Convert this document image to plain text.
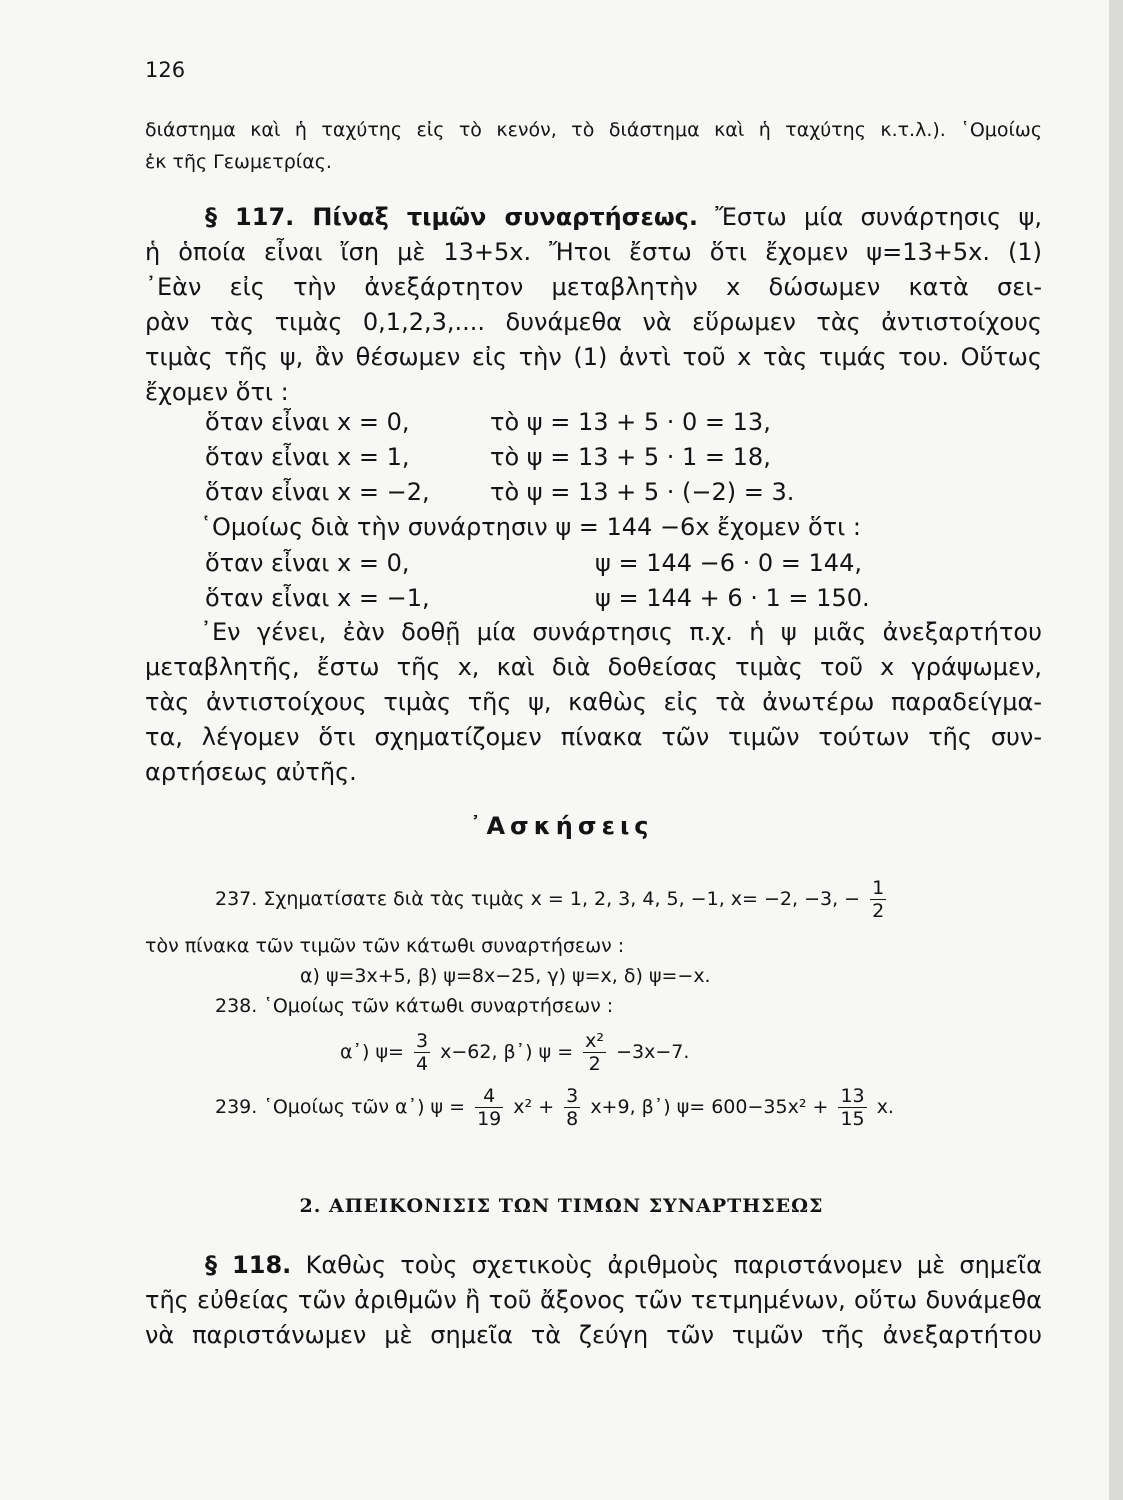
126
διάστημα καὶ ἡ ταχύτης εἰς τὸ κενόν, τὸ διάστημα καὶ ἡ ταχύτης κ.τ.λ.). ῾Ομοίως
ἐκ τῆς Γεωμετρίας.
§ 117. Πίναξ τιμῶν συναρτήσεως. Ἔστω μία συνάρτησις ψ,
ἡ ὁποία εἶναι ἴση μὲ 13+5x. Ἤτοι ἔστω ὅτι ἔχομεν ψ=13+5x. (1)
᾿Εὰν εἰς τὴν ἀνεξάρτητον μεταβλητὴν x δώσωμεν κατὰ σει-
ρὰν τὰς τιμὰς 0,1,2,3,.... δυνάμεθα νὰ εὕρωμεν τὰς ἀντιστοίχους
τιμὰς τῆς ψ, ἂν θέσωμεν εἰς τὴν (1) ἀντὶ τοῦ x τὰς τιμάς του. Οὕτως
ἔχομεν ὅτι :
ὅταν εἶναι x = 0,	τὸ ψ = 13 + 5 · 0 = 13,
ὅταν εἶναι x = 1,	τὸ ψ = 13 + 5 · 1 = 18,
ὅταν εἶναι x = −2,	τὸ ψ = 13 + 5 · (−2) = 3.
῾Ομοίως διὰ τὴν συνάρτησιν ψ = 144 −6x ἔχομεν ὅτι :
ὅταν εἶναι x = 0,	ψ = 144 −6 · 0 = 144,
ὅταν εἶναι x = −1,	ψ = 144 + 6 · 1 = 150.
᾿Εν γένει, ἐὰν δοθῇ μία συνάρτησις π.χ. ἡ ψ μιᾶς ἀνεξαρτήτου
μεταβλητῆς, ἔστω τῆς x, καὶ διὰ δοθείσας τιμὰς τοῦ x γράψωμεν,
τὰς ἀντιστοίχους τιμὰς τῆς ψ, καθὼς εἰς τὰ ἀνωτέρω παραδείγμα-
τα, λέγομεν ὅτι σχηματίζομεν πίνακα τῶν τιμῶν τούτων τῆς συν-
αρτήσεως αὐτῆς.
᾿Ασκήσεις
237. Σχηματίσατε διὰ τὰς τιμὰς x = 1, 2, 3, 4, 5, −1, x= −2, −3, − $\frac{1}{2}$
τὸν πίνακα τῶν τιμῶν τῶν κάτωθι συναρτήσεων :
α) ψ=3x+5, β) ψ=8x−25, γ) ψ=x, δ) ψ=−x.
238. ῾Ομοίως τῶν κάτωθι συναρτήσεων :
α᾿) $\psi= \frac{3}{4} x-62$, β᾿) $\psi = \frac{\text{x²}}{2} -3x-7$.
239. ῾Ομοίως τῶν α᾿) $\psi = \frac{4}{19} x^2 + \frac{3}{8} x+9$, β᾿) $\psi= 600-35x^2 + \frac{13}{15} x$.
2. ΑΠΕΙΚΟΝΙΣΙΣ ΤΩΝ ΤΙΜΩΝ ΣΥΝΑΡΤΗΣΕΩΣ
§ 118. Καθὼς τοὺς σχετικοὺς ἀριθμοὺς παριστάνομεν μὲ σημεῖα
τῆς εὐθείας τῶν ἀριθμῶν ἢ τοῦ ἄξονος τῶν τετμημένων, οὕτω δυνάμεθα
νὰ παριστάνωμεν μὲ σημεῖα τὰ ζεύγη τῶν τιμῶν τῆς ἀνεξαρτήτου
